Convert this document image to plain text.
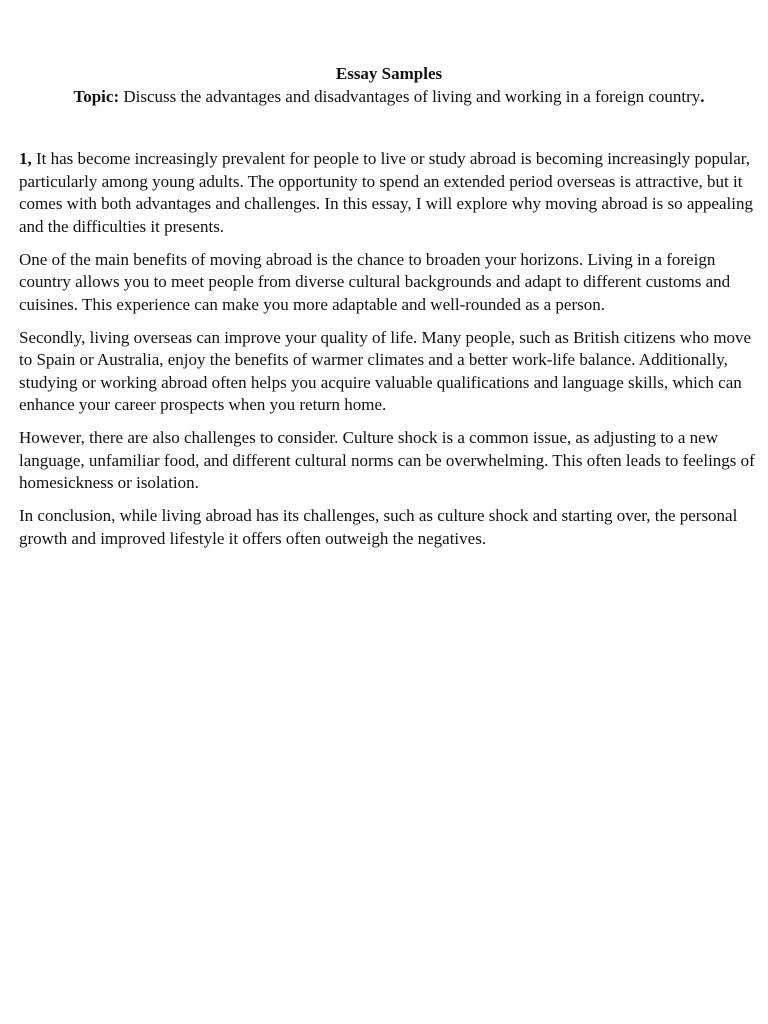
Essay Samples
Topic: Discuss the advantages and disadvantages of living and working in a foreign country.

1, It has become increasingly prevalent for people to live or study abroad is becoming increasingly popular, particularly among young adults. The opportunity to spend an extended period overseas is attractive, but it comes with both advantages and challenges. In this essay, I will explore why moving abroad is so appealing and the difficulties it presents.

One of the main benefits of moving abroad is the chance to broaden your horizons. Living in a foreign country allows you to meet people from diverse cultural backgrounds and adapt to different customs and cuisines. This experience can make you more adaptable and well-rounded as a person.

Secondly, living overseas can improve your quality of life. Many people, such as British citizens who move to Spain or Australia, enjoy the benefits of warmer climates and a better work-life balance. Additionally, studying or working abroad often helps you acquire valuable qualifications and language skills, which can enhance your career prospects when you return home.

However, there are also challenges to consider. Culture shock is a common issue, as adjusting to a new language, unfamiliar food, and different cultural norms can be overwhelming. This often leads to feelings of homesickness or isolation.

In conclusion, while living abroad has its challenges, such as culture shock and starting over, the personal growth and improved lifestyle it offers often outweigh the negatives.
